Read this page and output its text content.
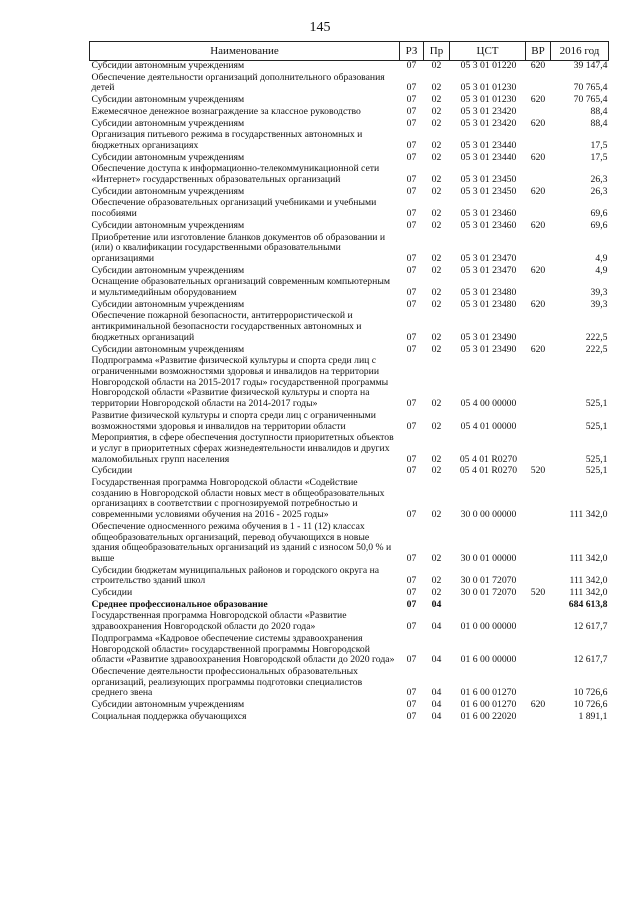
145
Наименование	РЗ	Пр	ЦСТ	ВР	2016 год
Субсидии автономным учреждениям	07	02	05 3 01 01220	620	39 147,4
Обеспечение деятельности организаций дополнительного образования детей	07	02	05 3 01 01230		70 765,4
Субсидии автономным учреждениям	07	02	05 3 01 01230	620	70 765,4
Ежемесячное денежное вознаграждение за классное руководство	07	02	05 3 01 23420		88,4
Субсидии автономным учреждениям	07	02	05 3 01 23420	620	88,4
Организация питьевого режима в государственных автономных и бюджетных организациях	07	02	05 3 01 23440		17,5
Субсидии автономным учреждениям	07	02	05 3 01 23440	620	17,5
Обеспечение доступа к информационно-телекоммуникационной сети «Интернет» государственных образовательных организаций	07	02	05 3 01 23450		26,3
Субсидии автономным учреждениям	07	02	05 3 01 23450	620	26,3
Обеспечение образовательных организаций учебниками и учебными пособиями	07	02	05 3 01 23460		69,6
Субсидии автономным учреждениям	07	02	05 3 01 23460	620	69,6
Приобретение или изготовление бланков документов об образовании и (или) о квалификации государственными образовательными организациями	07	02	05 3 01 23470		4,9
Субсидии автономным учреждениям	07	02	05 3 01 23470	620	4,9
Оснащение образовательных организаций современным компьютерным и мультимедийным оборудованием	07	02	05 3 01 23480		39,3
Субсидии автономным учреждениям	07	02	05 3 01 23480	620	39,3
Обеспечение пожарной безопасности, антитеррористической и антикриминальной безопасности государственных автономных и бюджетных организаций	07	02	05 3 01 23490		222,5
Субсидии автономным учреждениям	07	02	05 3 01 23490	620	222,5
Подпрограмма «Развитие физической культуры и спорта среди лиц с ограниченными возможностями здоровья и инвалидов на территории Новгородской области на 2015-2017 годы» государственной программы Новгородской области «Развитие физической культуры и спорта на территории Новгородской области на 2014-2017 годы»	07	02	05 4 00 00000		525,1
Развитие физической культуры и спорта среди лиц с ограниченными возможностями здоровья и инвалидов на территории области	07	02	05 4 01 00000		525,1
Мероприятия, в сфере обеспечения доступности приоритетных объектов и услуг в приоритетных сферах жизнедеятельности инвалидов и других маломобильных групп населения	07	02	05 4 01 R0270		525,1
Субсидии	07	02	05 4 01 R0270	520	525,1
Государственная программа Новгородской области «Содействие созданию в Новгородской области новых мест в общеобразовательных организациях в соответствии с прогнозируемой потребностью и современными условиями обучения на 2016 - 2025 годы»	07	02	30 0 00 00000		111 342,0
Обеспечение односменного режима обучения в 1 - 11 (12) классах общеобразовательных организаций, перевод обучающихся в новые здания общеобразовательных организаций из зданий с износом 50,0 % и выше	07	02	30 0 01 00000		111 342,0
Субсидии бюджетам муниципальных районов и городского округа на строительство зданий школ	07	02	30 0 01 72070		111 342,0
Субсидии	07	02	30 0 01 72070	520	111 342,0
Среднее профессиональное образование	07	04			684 613,8
Государственная программа Новгородской области «Развитие здравоохранения Новгородской области до 2020 года»	07	04	01 0 00 00000		12 617,7
Подпрограмма «Кадровое обеспечение системы здравоохранения Новгородской области» государственной программы Новгородской области «Развитие здравоохранения Новгородской области до 2020 года»	07	04	01 6 00 00000		12 617,7
Обеспечение деятельности профессиональных образовательных организаций, реализующих программы подготовки специалистов среднего звена	07	04	01 6 00 01270		10 726,6
Субсидии автономным учреждениям	07	04	01 6 00 01270	620	10 726,6
Социальная поддержка обучающихся	07	04	01 6 00 22020		1 891,1
